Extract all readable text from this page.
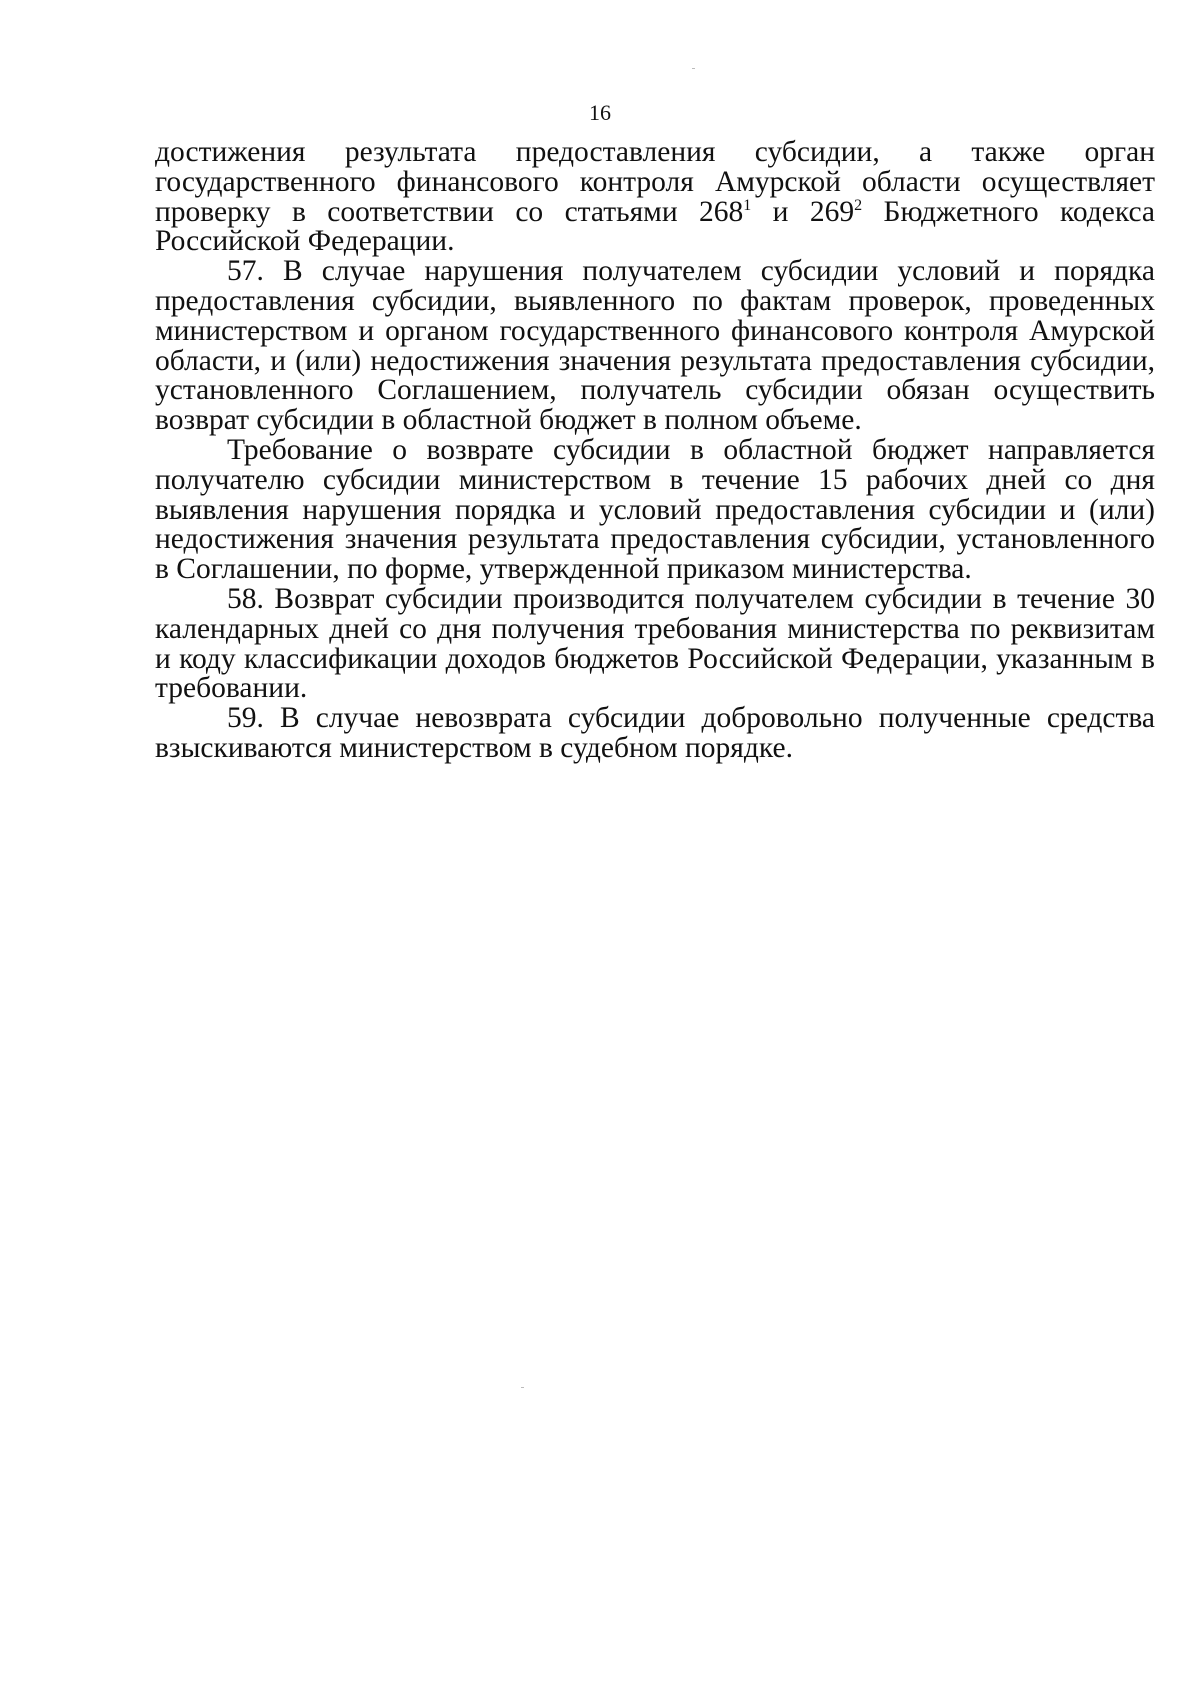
16

достижения результата предоставления субсидии, а также орган государственного финансового контроля Амурской области осуществляет проверку в соответствии со статьями $268^1$ и $269^2$ Бюджетного кодекса Российской Федерации.

57. В случае нарушения получателем субсидии условий и порядка предоставления субсидии, выявленного по фактам проверок, проведенных министерством и органом государственного финансового контроля Амурской области, и (или) недостижения значения результата предоставления субсидии, установленного Соглашением, получатель субсидии обязан осуществить возврат субсидии в областной бюджет в полном объеме.

Требование о возврате субсидии в областной бюджет направляется получателю субсидии министерством в течение 15 рабочих дней со дня выявления нарушения порядка и условий предоставления субсидии и (или) недостижения значения результата предоставления субсидии, установленного в Соглашении, по форме, утвержденной приказом министерства.

58. Возврат субсидии производится получателем субсидии в течение 30 календарных дней со дня получения требования министерства по реквизитам и коду классификации доходов бюджетов Российской Федерации, указанным в требовании.

59. В случае невозврата субсидии добровольно полученные средства взыскиваются министерством в судебном порядке.
